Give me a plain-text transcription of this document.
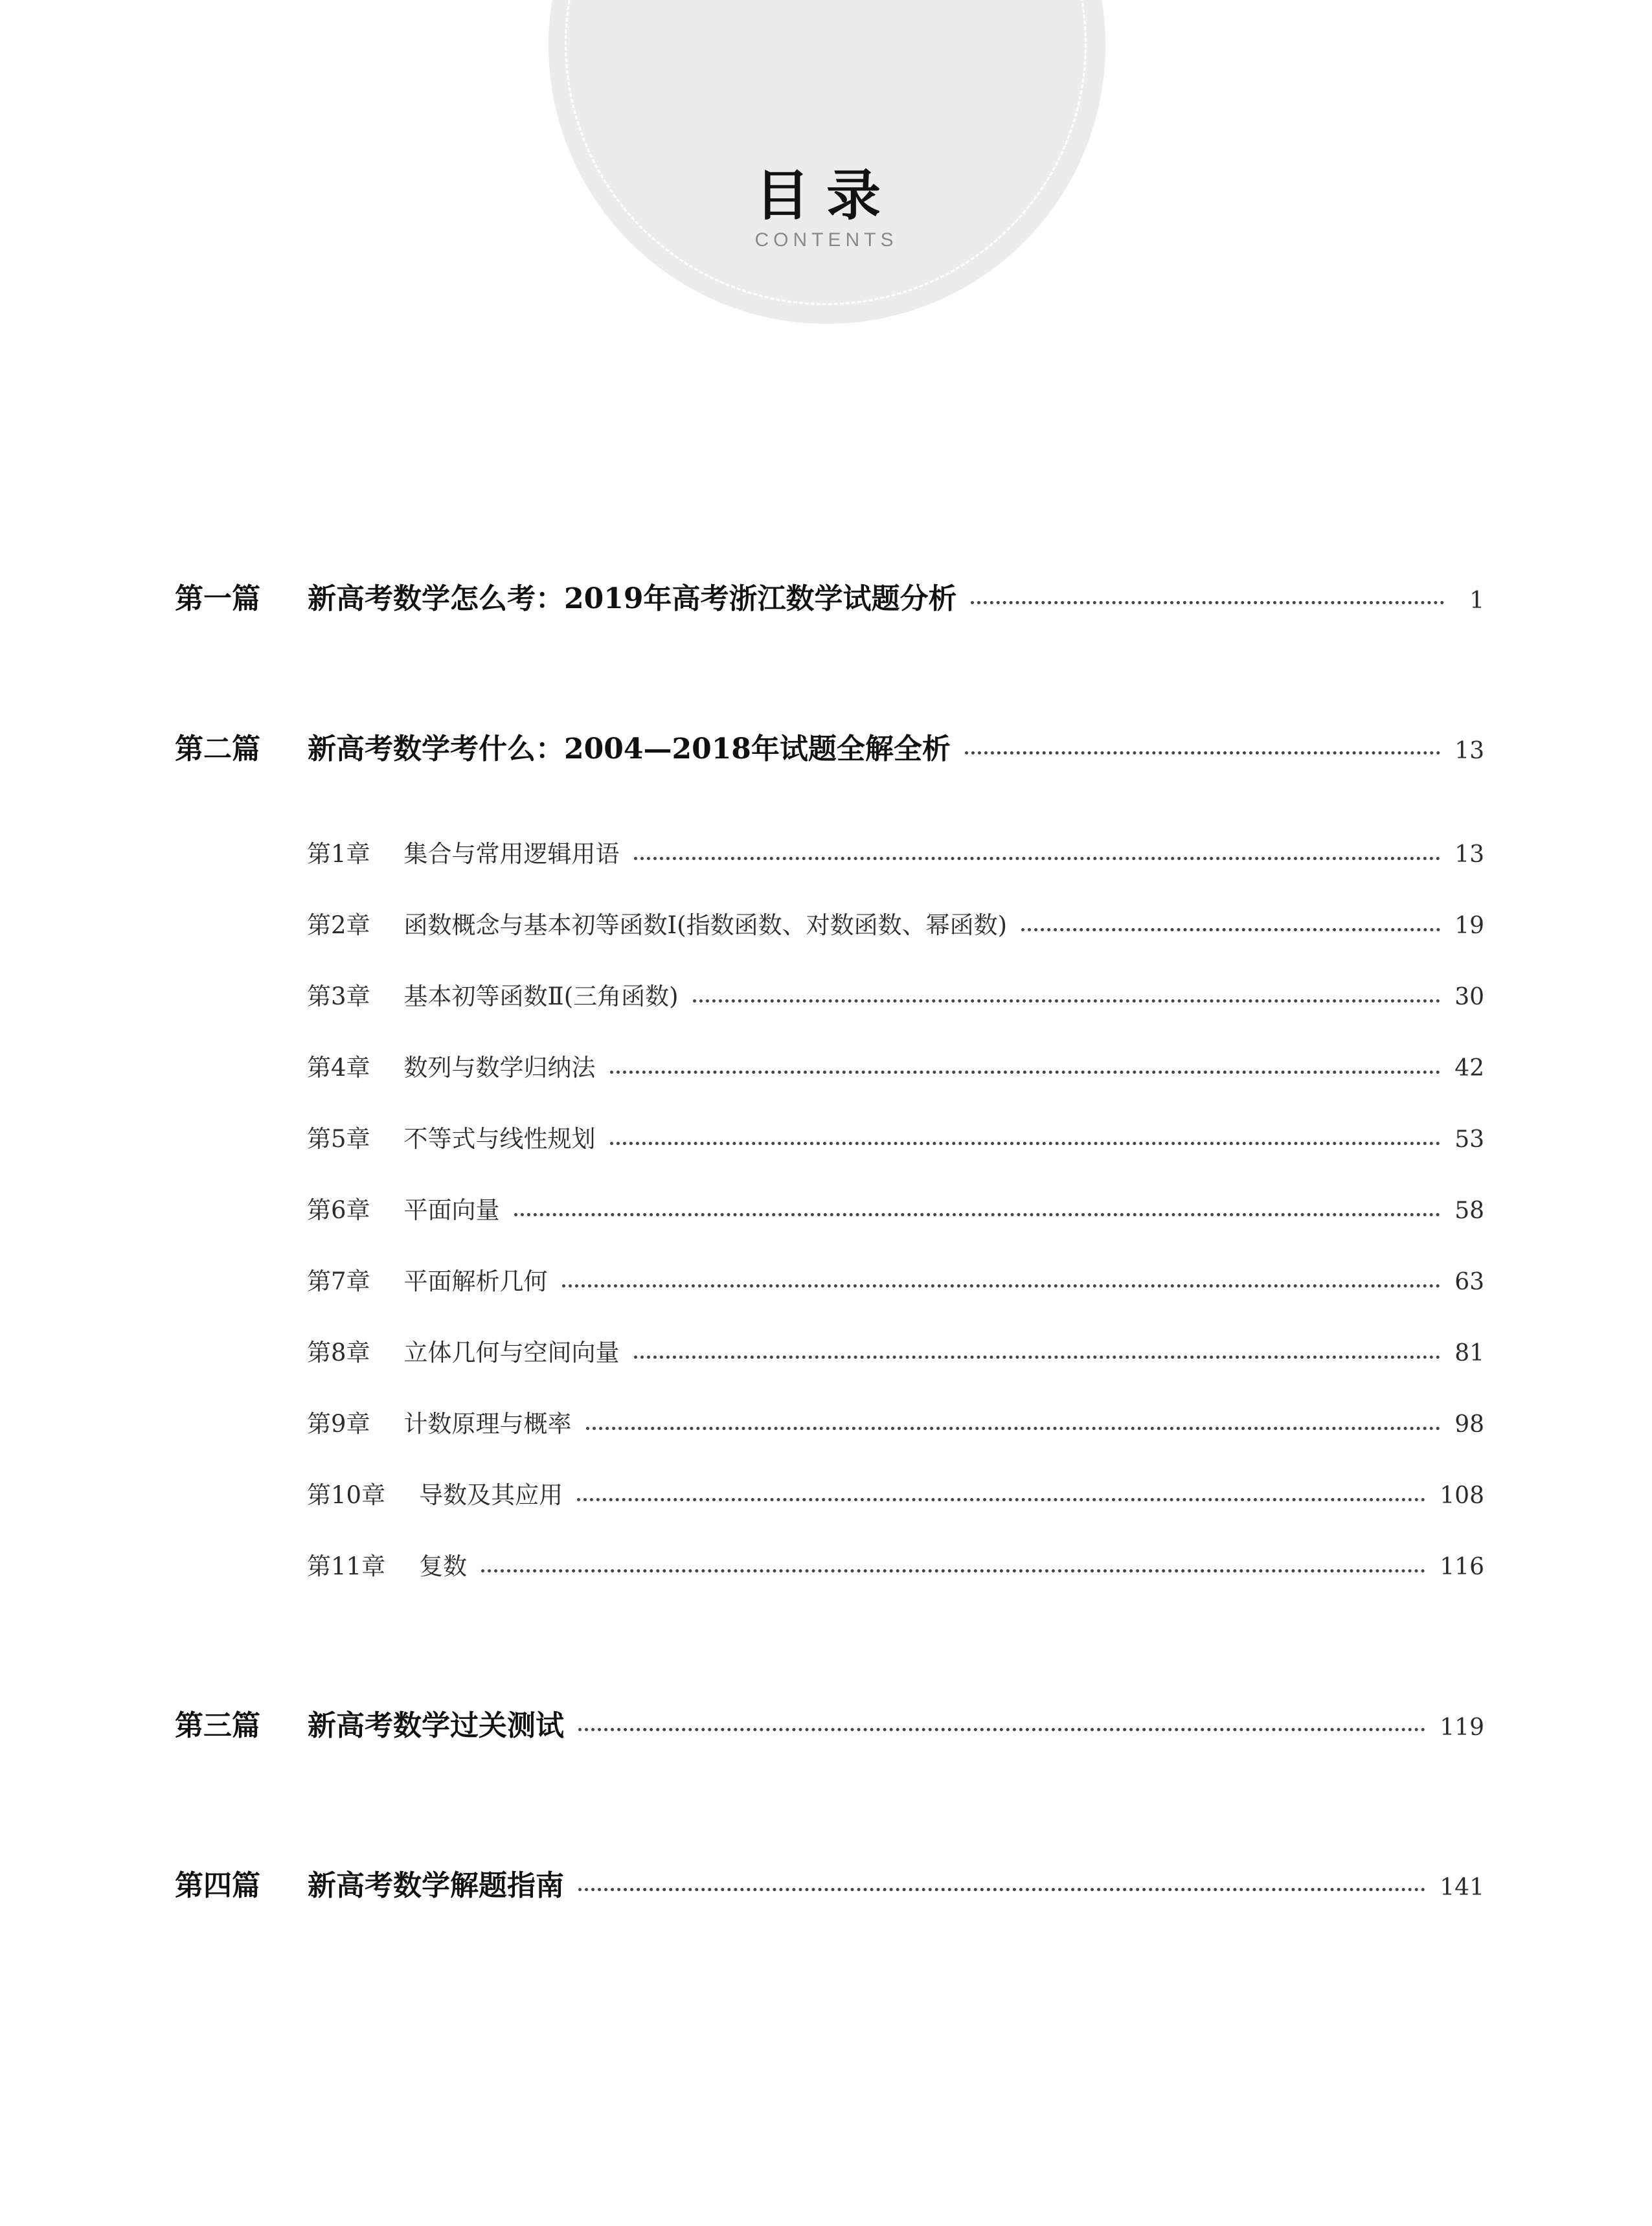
目录
CONTENTS
第一篇	新高考数学怎么考：2019年高考浙江数学试题分析	1
第二篇	新高考数学考什么：2004—2018年试题全解全析	13
第1章	集合与常用逻辑用语	13
第2章	函数概念与基本初等函数Ⅰ(指数函数、对数函数、幂函数)	19
第3章	基本初等函数Ⅱ(三角函数)	30
第4章	数列与数学归纳法	42
第5章	不等式与线性规划	53
第6章	平面向量	58
第7章	平面解析几何	63
第8章	立体几何与空间向量	81
第9章	计数原理与概率	98
第10章	导数及其应用	108
第11章	复数	116
第三篇	新高考数学过关测试	119
第四篇	新高考数学解题指南	141
